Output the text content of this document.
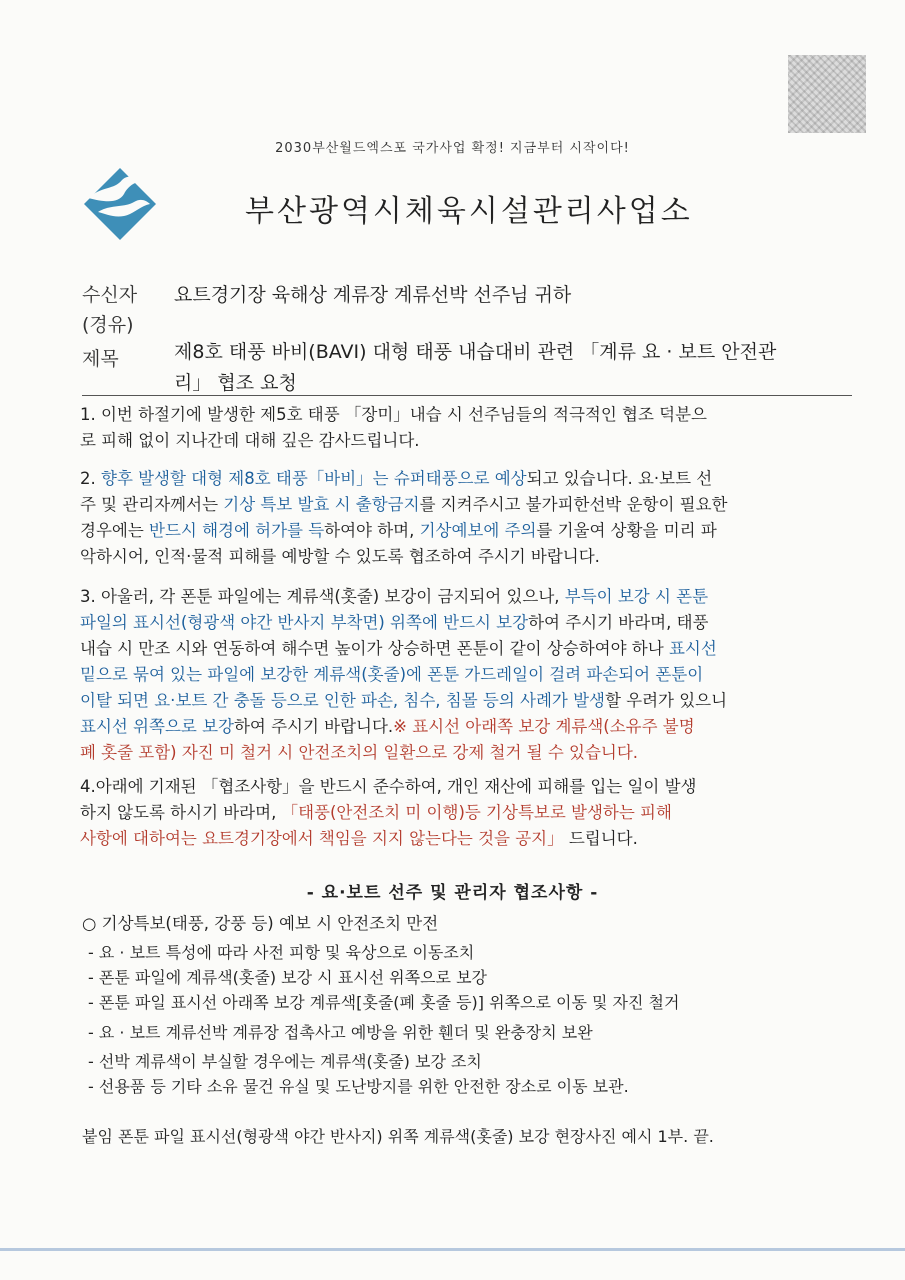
2030부산월드엑스포 국가사업 확정! 지금부터 시작이다!
부산광역시체육시설관리사업소
수신자 요트경기장 육해상 계류장 계류선박 선주님 귀하
(경유)
제목	제8호 태풍 바비(BAVI) 대형 태풍 내습대비 관련 「계류 요 · 보트 안전관
리」 협조 요청
1. 이번 하절기에 발생한 제5호 태풍 「장미」내습 시 선주님들의 적극적인 협조 덕분으
로 피해 없이 지나간데 대해 깊은 감사드립니다.
2. 향후 발생할 대형 제8호 태풍「바비」는 슈퍼태풍으로 예상되고 있습니다. 요·보트 선
주 및 관리자께서는 기상 특보 발효 시 출항금지를 지켜주시고 불가피한선박 운항이 필요한
경우에는 반드시 해경에 허가를 득하여야 하며, 기상예보에 주의를 기울여 상황을 미리 파
악하시어, 인적·물적 피해를 예방할 수 있도록 협조하여 주시기 바랍니다.
3. 아울러, 각 폰툰 파일에는 계류색(홋줄) 보강이 금지되어 있으나, 부득이 보강 시 폰툰
파일의 표시선(형광색 야간 반사지 부착면) 위쪽에 반드시 보강하여 주시기 바라며, 태풍
내습 시 만조 시와 연동하여 해수면 높이가 상승하면 폰툰이 같이 상승하여야 하나 표시선
밑으로 묶여 있는 파일에 보강한 계류색(홋줄)에 폰툰 가드레일이 걸려 파손되어 폰툰이
이탈 되면 요·보트 간 충돌 등으로 인한 파손, 침수, 침몰 등의 사례가 발생할 우려가 있으니
표시선 위쪽으로 보강하여 주시기 바랍니다.※ 표시선 아래쪽 보강 계류색(소유주 불명
폐 홋줄 포함) 자진 미 철거 시 안전조치의 일환으로 강제 철거 될 수 있습니다.
4.아래에 기재된 「협조사항」을 반드시 준수하여, 개인 재산에 피해를 입는 일이 발생
하지 않도록 하시기 바라며, 「태풍(안전조치 미 이행)등 기상특보로 발생하는 피해
사항에 대하여는 요트경기장에서 책임을 지지 않는다는 것을 공지」 드립니다.
- 요·보트 선주 및 관리자 협조사항 -
○ 기상특보(태풍, 강풍 등) 예보 시 안전조치 만전
- 요 · 보트 특성에 따라 사전 피항 및 육상으로 이동조치
- 폰툰 파일에 계류색(홋줄) 보강 시 표시선 위쪽으로 보강
- 폰툰 파일 표시선 아래쪽 보강 계류색[홋줄(폐 홋줄 등)] 위쪽으로 이동 및 자진 철거
- 요 · 보트 계류선박 계류장 접촉사고 예방을 위한 휀더 및 완충장치 보완
- 선박 계류색이 부실할 경우에는 계류색(홋줄) 보강 조치
- 선용품 등 기타 소유 물건 유실 및 도난방지를 위한 안전한 장소로 이동 보관.
붙임 폰툰 파일 표시선(형광색 야간 반사지) 위쪽 계류색(홋줄) 보강 현장사진 예시 1부. 끝.
